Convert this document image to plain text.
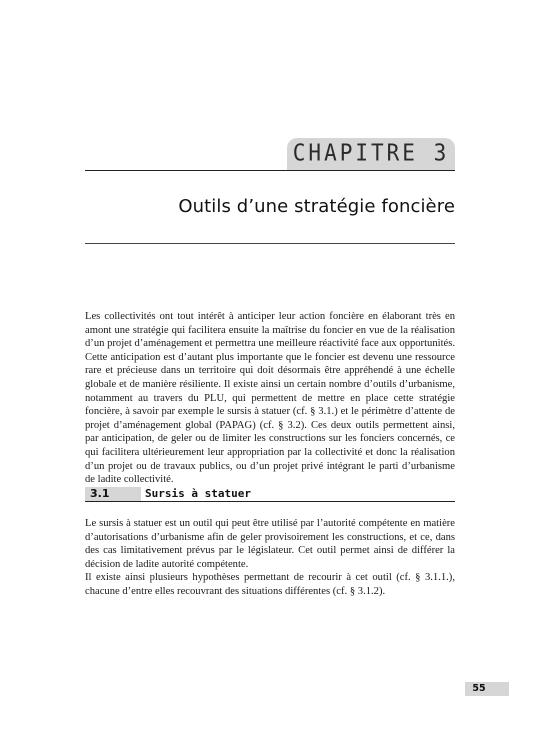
CHAPITRE 3
Outils d’une stratégie foncière
Les collectivités ont tout intérêt à anticiper leur action foncière en élaborant très en amont une stratégie qui facilitera ensuite la maîtrise du foncier en vue de la réalisation d’un projet d’aménagement et permettra une meilleure réactivité face aux opportunités. Cette anticipation est d’autant plus importante que le foncier est devenu une ressource rare et précieuse dans un territoire qui doit désormais être appréhendé à une échelle globale et de manière résiliente. Il existe ainsi un certain nombre d’outils d’urbanisme, notamment au travers du PLU, qui permettent de mettre en place cette stratégie foncière, à savoir par exemple le sursis à statuer (cf. § 3.1.) et le périmètre d’attente de projet d’aménagement global (PAPAG) (cf. § 3.2). Ces deux outils permettent ainsi, par anticipation, de geler ou de limiter les constructions sur les fonciers concernés, ce qui facilitera ultérieurement leur appropriation par la collectivité et donc la réalisation d’un projet ou de travaux publics, ou d’un projet privé intégrant le parti d’urbanisme de ladite collectivité.
3.1	Sursis à statuer
Le sursis à statuer est un outil qui peut être utilisé par l’autorité compétente en matière d’autorisations d’urbanisme afin de geler provisoirement les constructions, et ce, dans des cas limitativement prévus par le législateur. Cet outil permet ainsi de différer la décision de ladite autorité compétente.
Il existe ainsi plusieurs hypothèses permettant de recourir à cet outil (cf. § 3.1.1.), chacune d’entre elles recouvrant des situations différentes (cf. § 3.1.2).
55
